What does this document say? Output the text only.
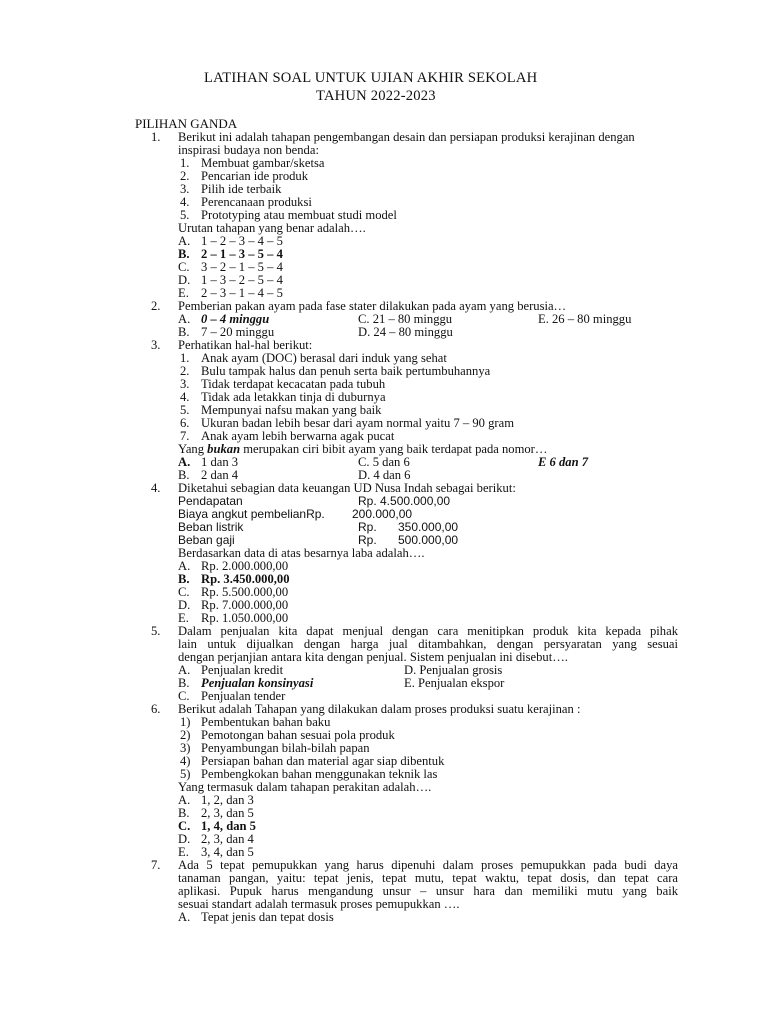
LATIHAN SOAL UNTUK UJIAN AKHIR SEKOLAH
TAHUN 2022-2023
PILIHAN GANDA
1. Berikut ini adalah tahapan pengembangan desain dan persiapan produksi kerajinan dengan
inspirasi budaya non benda:
1. Membuat gambar/sketsa
2. Pencarian ide produk
3. Pilih ide terbaik
4. Perencanaan produksi
5. Prototyping atau membuat studi model
Urutan tahapan yang benar adalah….
A. 1 – 2 – 3 – 4 – 5
B. 2 – 1 – 3 – 5 – 4
C. 3 – 2 – 1 – 5 – 4
D. 1 – 3 – 2 – 5 – 4
E. 2 – 3 – 1 – 4 – 5
2. Pemberian pakan ayam pada fase stater dilakukan pada ayam yang berusia…
A. 0 – 4 minggu	C. 21 – 80 minggu	E. 26 – 80 minggu
B. 7 – 20 minggu	D. 24 – 80 minggu
3. Perhatikan hal-hal berikut:
1. Anak ayam (DOC) berasal dari induk yang sehat
2. Bulu tampak halus dan penuh serta baik pertumbuhannya
3. Tidak terdapat kecacatan pada tubuh
4. Tidak ada letakkan tinja di duburnya
5. Mempunyai nafsu makan yang baik
6. Ukuran badan lebih besar dari ayam normal yaitu 7 – 90 gram
7. Anak ayam lebih berwarna agak pucat
Yang bukan merupakan ciri bibit ayam yang baik terdapat pada nomor…
A. 1 dan 3	C. 5 dan 6	E 6 dan 7
B. 2 dan 4	D. 4 dan 6
4. Diketahui sebagian data keuangan UD Nusa Indah sebagai berikut:
Pendapatan	Rp. 4.500.000,00
Biaya angkut pembelianRp. 200.000,00
Beban listrik	Rp. 350.000,00
Beban gaji	Rp. 500.000,00
Berdasarkan data di atas besarnya laba adalah….
A. Rp. 2.000.000,00
B. Rp. 3.450.000,00
C. Rp. 5.500.000,00
D. Rp. 7.000.000,00
E. Rp. 1.050.000,00
5. Dalam penjualan kita dapat menjual dengan cara menitipkan produk kita kepada pihak
lain untuk dijualkan dengan harga jual ditambahkan, dengan persyaratan yang sesuai
dengan perjanjian antara kita dengan penjual. Sistem penjualan ini disebut….
A. Penjualan kredit	D. Penjualan grosis
B. Penjualan konsinyasi	E. Penjualan ekspor
C. Penjualan tender
6. Berikut adalah Tahapan yang dilakukan dalam proses produksi suatu kerajinan :
1) Pembentukan bahan baku
2) Pemotongan bahan sesuai pola produk
3) Penyambungan bilah-bilah papan
4) Persiapan bahan dan material agar siap dibentuk
5) Pembengkokan bahan menggunakan teknik las
Yang termasuk dalam tahapan perakitan adalah….
A. 1, 2, dan 3
B. 2, 3, dan 5
C. 1, 4, dan 5
D. 2, 3, dan 4
E. 3, 4, dan 5
7. Ada 5 tepat pemupukkan yang harus dipenuhi dalam proses pemupukkan pada budi daya
tanaman pangan, yaitu: tepat jenis, tepat mutu, tepat waktu, tepat dosis, dan tepat cara
aplikasi. Pupuk harus mengandung unsur – unsur hara dan memiliki mutu yang baik
sesuai standart adalah termasuk proses pemupukkan ….
A. Tepat jenis dan tepat dosis
